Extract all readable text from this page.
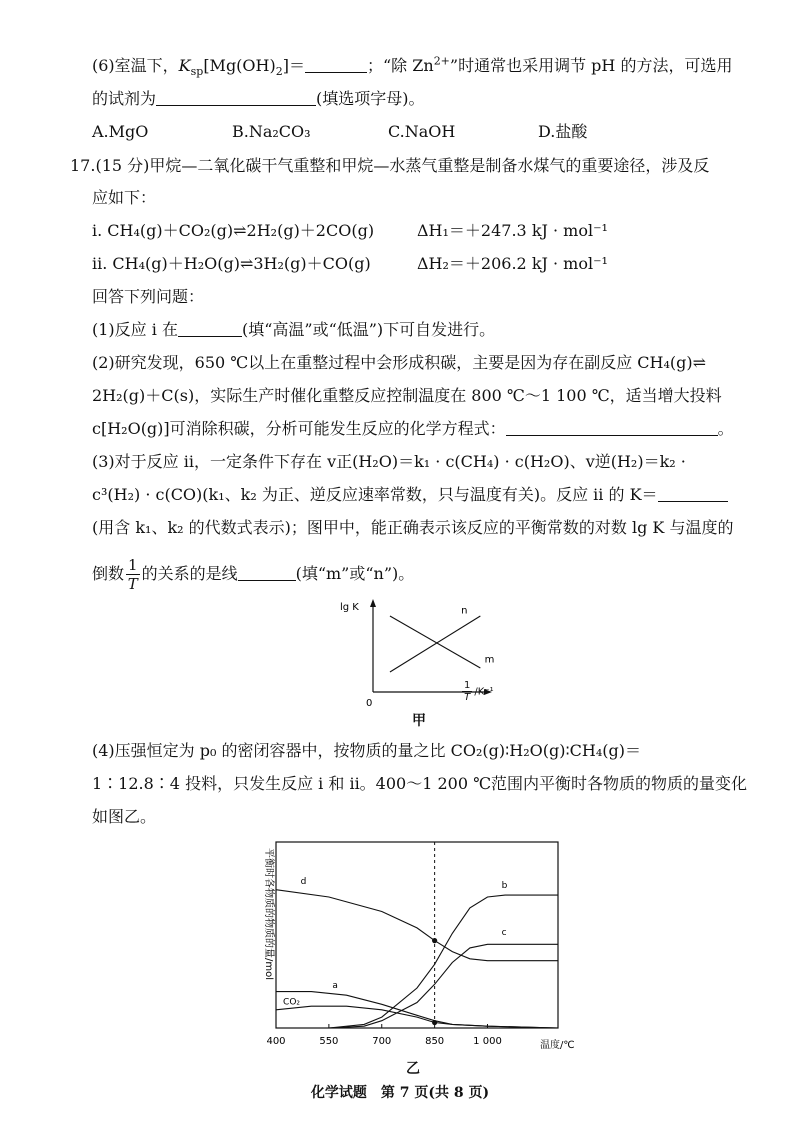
(6)室温下，$K_{sp}[Mg(OH)_2]=$	；“除 $Zn^{2+}$”时通常也采用调节 pH 的方法，可选用
的试剂为	(填选项字母)。
A.MgO	B.Na₂CO₃	C.NaOH	D.盐酸
17.(15 分)甲烷—二氧化碳干气重整和甲烷—水蒸气重整是制备水煤气的重要途径，涉及反
应如下：
i. CH₄(g)＋CO₂(g)⇌2H₂(g)＋2CO(g)	ΔH₁＝＋247.3 kJ · mol⁻¹
ii. CH₄(g)＋H₂O(g)⇌3H₂(g)＋CO(g)	ΔH₂＝＋206.2 kJ · mol⁻¹
回答下列问题：
(1)反应 i 在	(填“高温”或“低温”)下可自发进行。
(2)研究发现，650 ℃以上在重整过程中会形成积碳，主要是因为存在副反应 CH₄(g)⇌
2H₂(g)＋C(s)，实际生产时催化重整反应控制温度在 800 ℃～1 100 ℃，适当增大投料
c[H₂O(g)]可消除积碳，分析可能发生反应的化学方程式：	。
(3)对于反应 ii，一定条件下存在 v正(H₂O)＝k₁ · c(CH₄) · c(H₂O)、v逆(H₂)＝k₂ ·
c³(H₂) · c(CO)(k₁、k₂ 为正、逆反应速率常数，只与温度有关)。反应 ii 的 K＝
(用含 k₁、k₂ 的代数式表示)；图甲中，能正确表示该反应的平衡常数的对数 lg K 与温度的
倒数 $\frac{1}{T}$ 的关系的是线	(填“m”或“n”)。
lg K
0
n
m
$\frac{1}{T} /K^{-1}$
甲
(4)压强恒定为 p₀ 的密闭容器中，按物质的量之比 CO₂(g)∶H₂O(g)∶CH₄(g)＝
1∶12.8∶4 投料，只发生反应 i 和 ii。400～1 200 ℃范围内平衡时各物质的物质的量变化
如图乙。
平衡时各物质的物质的量/mol
400	550	700	850	1 000	温度/℃
d	b
c
a
CO₂
乙
化学试题　第 7 页(共 8 页)
